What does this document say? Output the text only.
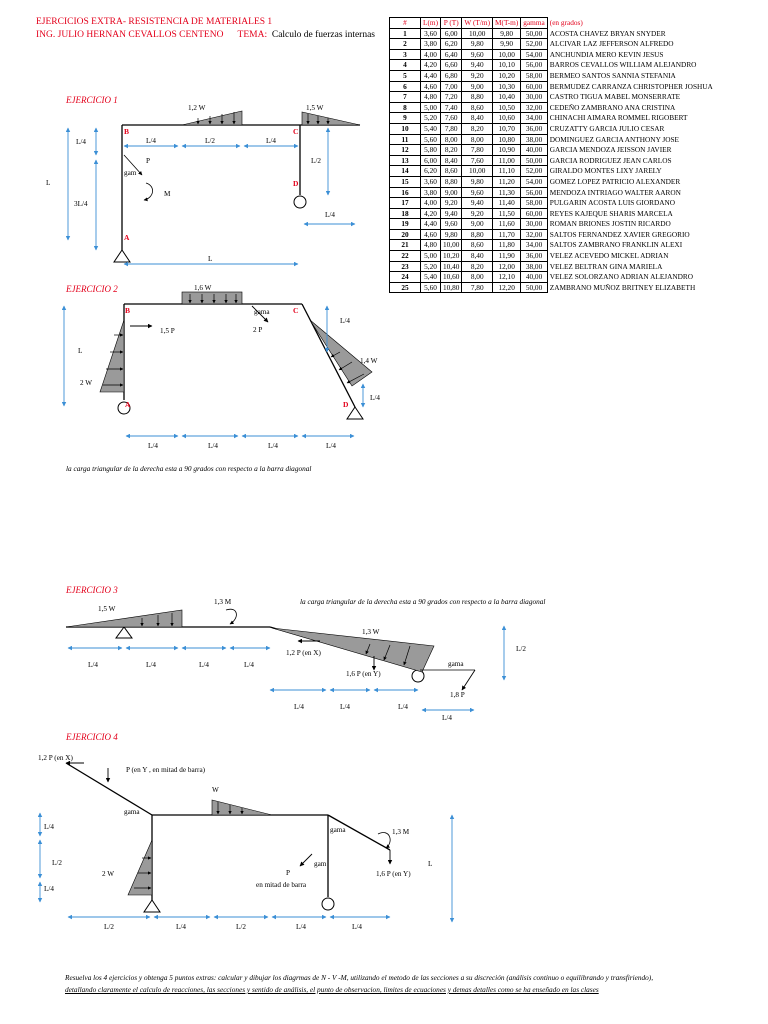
EJERCICIOS EXTRA- RESISTENCIA DE MATERIALES 1
ING. JULIO HERNAN CEVALLOS CENTENO TEMA: Calculo de fuerzas internas
#	L(m)	P (T)	W (T/m)	M(T-m)	gamma	(en grados)
1	3,60	6,00	10,00	9,80	50,00	ACOSTA CHAVEZ BRYAN SNYDER
2	3,80	6,20	9,80	9,90	52,00	ALCIVAR LAZ JEFFERSON ALFREDO
3	4,00	6,40	9,60	10,00	54,00	ANCHUNDIA MERO KEVIN JESUS
4	4,20	6,60	9,40	10,10	56,00	BARROS CEVALLOS WILLIAM ALEJANDRO
5	4,40	6,80	9,20	10,20	58,00	BERMEO SANTOS SANNIA STEFANIA
6	4,60	7,00	9,00	10,30	60,00	BERMUDEZ CARRANZA CHRISTOPHER JOSHUA
7	4,80	7,20	8,80	10,40	30,00	CASTRO TIGUA MABEL MONSERRATE
8	5,00	7,40	8,60	10,50	32,00	CEDEÑO ZAMBRANO ANA CRISTINA
9	5,20	7,60	8,40	10,60	34,00	CHINACHI AIMARA ROMMEL RIGOBERT
10	5,40	7,80	8,20	10,70	36,00	CRUZATTY GARCIA JULIO CESAR
11	5,60	8,00	8,00	10,80	38,00	DOMINGUEZ GARCIA ANTHONY JOSE
12	5,80	8,20	7,80	10,90	40,00	GARCIA MENDOZA JEISSON JAVIER
13	6,00	8,40	7,60	11,00	50,00	GARCIA RODRIGUEZ JEAN CARLOS
14	6,20	8,60	10,00	11,10	52,00	GIRALDO MONTES LIXY JARELY
15	3,60	8,80	9,80	11,20	54,00	GOMEZ LOPEZ PATRICIO ALEXANDER
16	3,80	9,00	9,60	11,30	56,00	MENDOZA INTRIAGO WALTER AARON
17	4,00	9,20	9,40	11,40	58,00	PULGARIN ACOSTA LUIS GIORDANO
18	4,20	9,40	9,20	11,50	60,00	REYES KAJEQUE SHARIS MARCELA
19	4,40	9,60	9,00	11,60	30,00	ROMAN BRIONES JOSTIN RICARDO
20	4,60	9,80	8,80	11,70	32,00	SALTOS FERNANDEZ XAVIER GREGORIO
21	4,80	10,00	8,60	11,80	34,00	SALTOS ZAMBRANO FRANKLIN ALEXI
22	5,00	10,20	8,40	11,90	36,00	VELEZ ACEVEDO MICKEL ADRIAN
23	5,20	10,40	8,20	12,00	38,00	VELEZ BELTRAN GINA MARIELA
24	5,40	10,60	8,00	12,10	40,00	VELEZ SOLORZANO ADRIAN ALEJANDRO
25	5,60	10,80	7,80	12,20	50,00	ZAMBRANO MUÑOZ BRITNEY ELIZABETH
EJERCICIO 1
EJERCICIO 2
la carga triangular de la derecha esta a 90 grados con respecto a la barra diagonal
EJERCICIO 3
la carga triangular de la derecha esta a 90 grados con respecto a la barra diagonal
EJERCICIO 4
Resuelva los 4 ejercicios y obtenga 5 puntos extras: calcular y dibujar los diagrmas de N - V -M, utilizando el metodo de las secciones a su discreción (análisis continuo o equilibrando y transfiriendo),
detallando claramente el calculo de reacciones, las secciones y sentido de análisis, el punto de observacion, limites de ecuaciones y demas detalles como se ha enseñado en las clases
1,2 W	1,5 W
B	C
D
A
P
gam
M
L/4
L
3L/4
L/4	L/2	L/4
L/2
L/4
L
1,6 W
2 W
1,4 W
1,5 P
gama
2 P
B	C
A	D
L
L/4
L/4
L/4	L/4	L/4	L/4
1,5 W
1,3 M
1,3 W
1,2 P (en X)
1,6 P (en Y)
gama
1,8 P
L/4	L/4	L/4	L/4
L/2
L/4	L/4	L/4
L/4
W
2 W
1,2 P (en X)
P (en Y , en mitad de barra)
gama
gama	1,3 M
1,6 P (en Y)
gam
P
en mitad de barra
L/4
L/2
L/4
L
L/2	L/4	L/2	L/4	L/4
